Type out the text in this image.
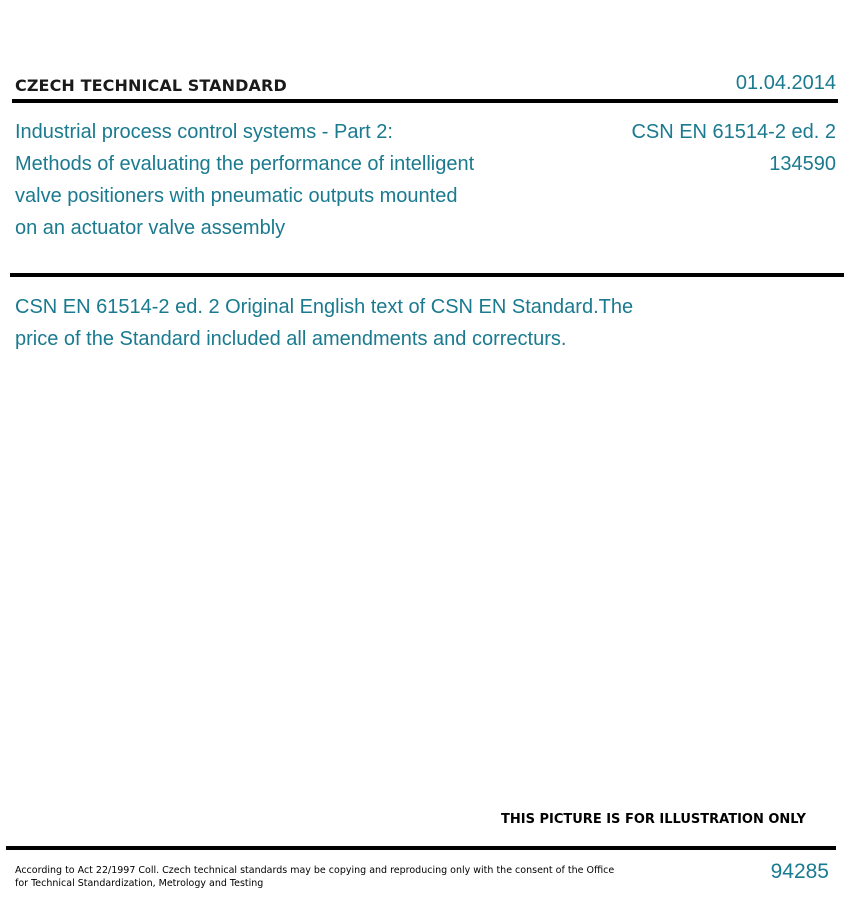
CZECH TECHNICAL STANDARD	01.04.2014
Industrial process control systems - Part 2:
Methods of evaluating the performance of intelligent
valve positioners with pneumatic outputs mounted
on an actuator valve assembly
CSN EN 61514-2 ed. 2
134590
CSN EN 61514-2 ed. 2 Original English text of CSN EN Standard.The
price of the Standard included all amendments and correcturs.
THIS PICTURE IS FOR ILLUSTRATION ONLY
According to Act 22/1997 Coll. Czech technical standards may be copying and reproducing only with the consent of the Office
for Technical Standardization, Metrology and Testing
94285
